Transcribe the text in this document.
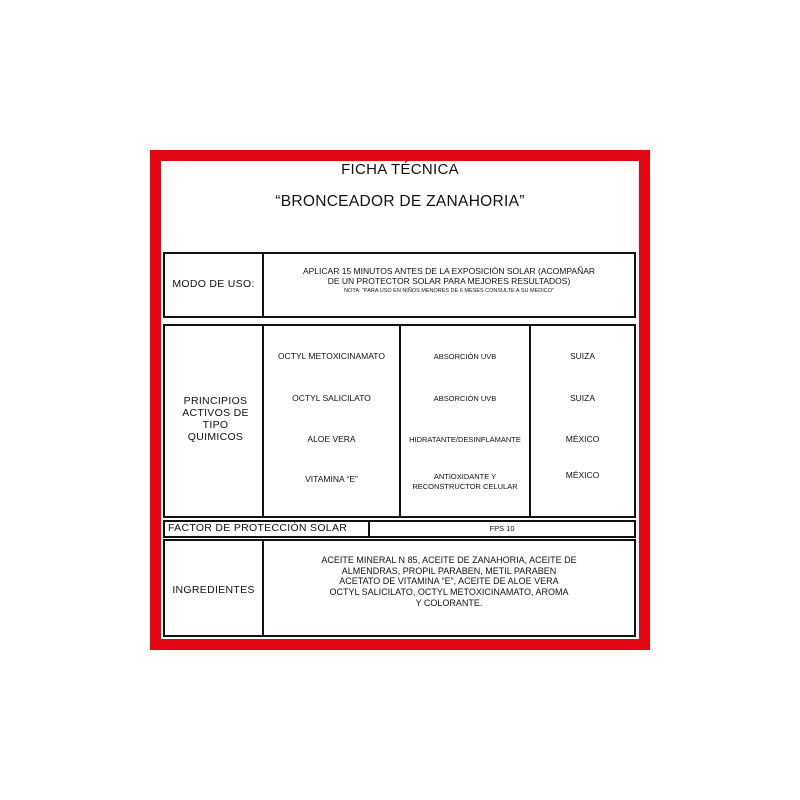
FICHA TÉCNICA
“BRONCEADOR DE ZANAHORIA”
MODO DE USO:
APLICAR 15 MINUTOS ANTES DE LA EXPOSICIÓN SOLAR (ACOMPAÑAR
DE UN PROTECTOR SOLAR PARA MEJORES RESULTADOS)
NOTA: “PARA USO EN NIÑOS MENORES DE 6 MESES CONSULTE A SU MEDICO”
PRINCIPIOS ACTIVOS DE TIPO QUIMICOS
OCTYL METOXICINAMATO
OCTYL SALICILATO
ALOE VERA
VITAMINA “E”
ABSORCIÓN UVB
ABSORCIÓN UVB
HIDRATANTE/DESINFLAMANTE
ANTIOXIDANTE Y RECONSTRUCTOR CELULAR
SUIZA
SUIZA
MÉXICO
MÉXICO
FACTOR DE PROTECCIÓN SOLAR	FPS 10
INGREDIENTES
ACEITE MINERAL N 85, ACEITE DE ZANAHORIA, ACEITE DE
ALMENDRAS, PROPIL PARABEN, METIL PARABEN
ACETATO DE VITAMINA “E”, ACEITE DE ALOE VERA
OCTYL SALICILATO, OCTYL METOXICINAMATO, AROMA
Y COLORANTE.
